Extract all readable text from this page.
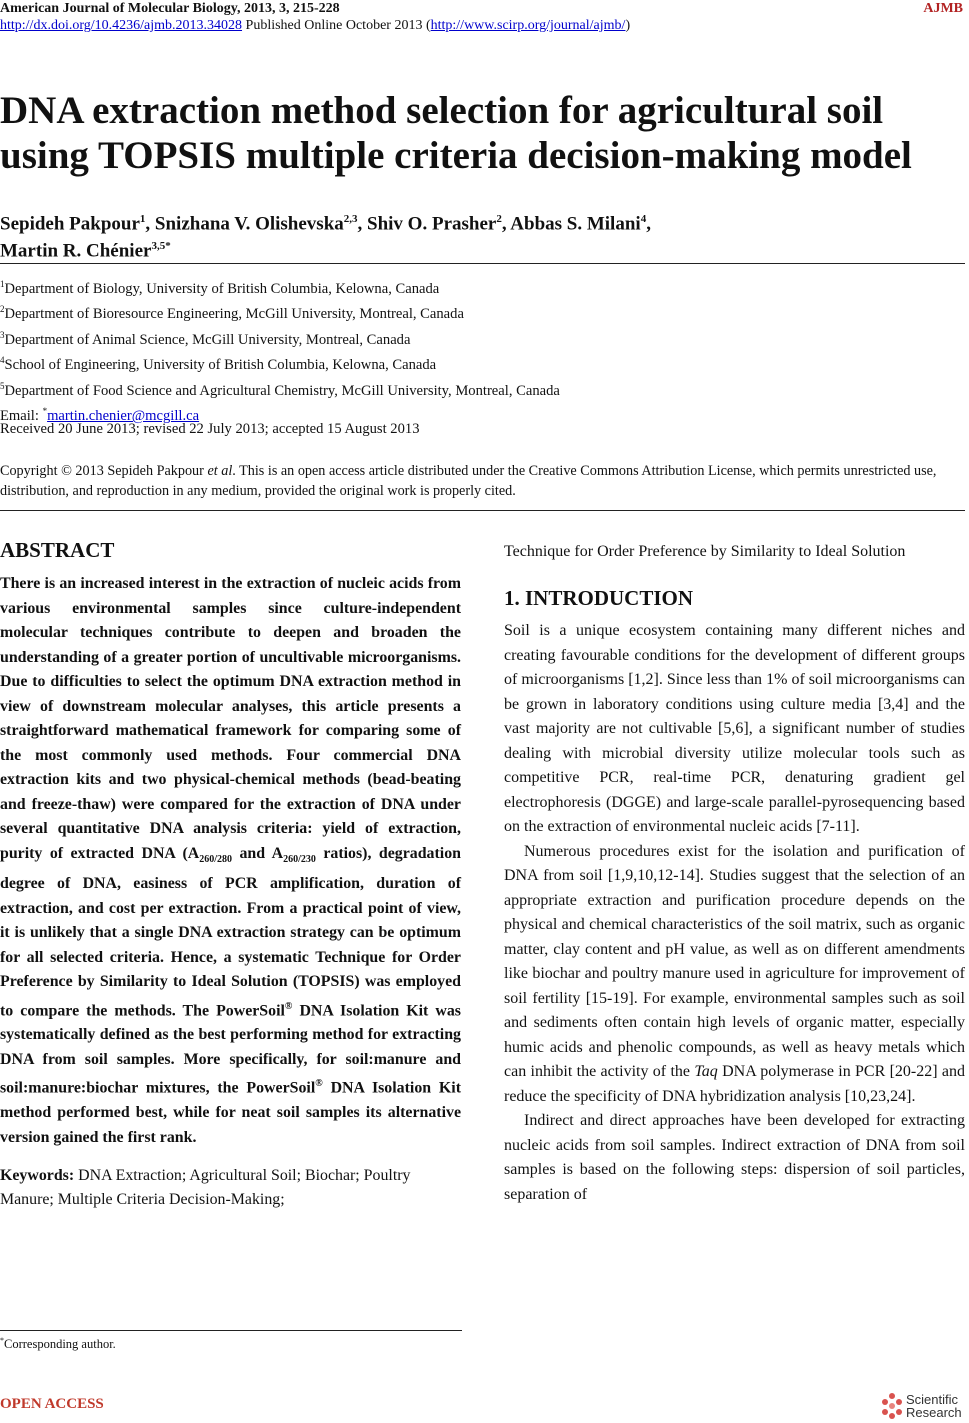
American Journal of Molecular Biology, 2013, 3, 215-228	AJMB
http://dx.doi.org/10.4236/ajmb.2013.34028 Published Online October 2013 (http://www.scirp.org/journal/ajmb/)
DNA extraction method selection for agricultural soil using TOPSIS multiple criteria decision-making model
Sepideh Pakpour$^1$, Snizhana V. Olishevska$^{2,3}$, Shiv O. Prasher$^2$, Abbas S. Milani$^4$,
Martin R. Chénier$^{3,5*}$
$^1$Department of Biology, University of British Columbia, Kelowna, Canada
$^2$Department of Bioresource Engineering, McGill University, Montreal, Canada
$^3$Department of Animal Science, McGill University, Montreal, Canada
$^4$School of Engineering, University of British Columbia, Kelowna, Canada
$^5$Department of Food Science and Agricultural Chemistry, McGill University, Montreal, Canada
Email: *martin.chenier@mcgill.ca
Received 20 June 2013; revised 22 July 2013; accepted 15 August 2013
Copyright © 2013 Sepideh Pakpour et al. This is an open access article distributed under the Creative Commons Attribution License, which permits unrestricted use, distribution, and reproduction in any medium, provided the original work is properly cited.
ABSTRACT
There is an increased interest in the extraction of nucleic acids from various environmental samples since culture-independent molecular techniques contribute to deepen and broaden the understanding of a greater portion of uncultivable microorganisms. Due to difficulties to select the optimum DNA extraction method in view of downstream molecular analyses, this article presents a straightforward mathematical framework for comparing some of the most commonly used methods. Four commercial DNA extraction kits and two physical-chemical methods (bead-beating and freeze-thaw) were compared for the extraction of DNA under several quantitative DNA analysis criteria: yield of extraction, purity of extracted DNA ($A_{260/280}$ and $A_{260/230}$ ratios), degradation degree of DNA, easiness of PCR amplification, duration of extraction, and cost per extraction. From a practical point of view, it is unlikely that a single DNA extraction strategy can be optimum for all selected criteria. Hence, a systematic Technique for Order Preference by Similarity to Ideal Solution (TOPSIS) was employed to compare the methods. The PowerSoil® DNA Isolation Kit was systematically defined as the best performing method for extracting DNA from soil samples. More specifically, for soil:manure and soil:manure:biochar mixtures, the PowerSoil® DNA Isolation Kit method performed best, while for neat soil samples its alternative version gained the first rank.
Keywords: DNA Extraction; Agricultural Soil; Biochar; Poultry Manure; Multiple Criteria Decision-Making;
*Corresponding author.
Technique for Order Preference by Similarity to Ideal Solution
1. INTRODUCTION

Soil is a unique ecosystem containing many different niches and creating favourable conditions for the development of different groups of microorganisms [1,2]. Since less than 1% of soil microorganisms can be grown in laboratory conditions using culture media [3,4] and the vast majority are not cultivable [5,6], a significant number of studies dealing with microbial diversity utilize molecular tools such as competitive PCR, real-time PCR, denaturing gradient gel electrophoresis (DGGE) and large-scale parallel-pyrosequencing based on the extraction of environmental nucleic acids [7-11].

Numerous procedures exist for the isolation and purification of DNA from soil [1,9,10,12-14]. Studies suggest that the selection of an appropriate extraction and purification procedure depends on the physical and chemical characteristics of the soil matrix, such as organic matter, clay content and pH value, as well as on different amendments like biochar and poultry manure used in agriculture for improvement of soil fertility [15-19]. For example, environmental samples such as soil and sediments often contain high levels of organic matter, especially humic acids and phenolic compounds, as well as heavy metals which can inhibit the activity of the Taq DNA polymerase in PCR [20-22] and reduce the specificity of DNA hybridization analysis [10,23,24].

Indirect and direct approaches have been developed for extracting nucleic acids from soil samples. Indirect extraction of DNA from soil samples is based on the following steps: dispersion of soil particles, separation of

OPEN ACCESS	Scientific
Research
